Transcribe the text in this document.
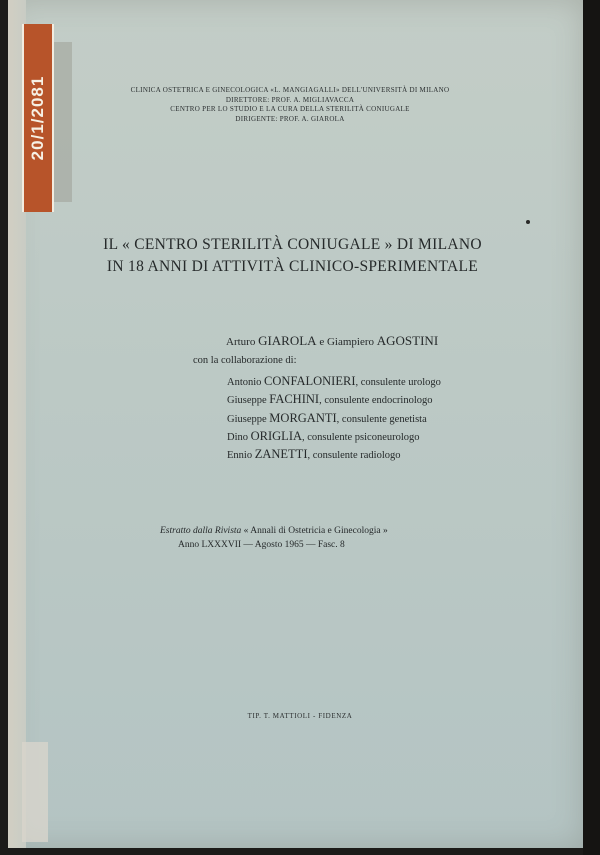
20/1/2081	CLINICA OSTETRICA E GINECOLOGICA «L. MANGIAGALLI» DELL'UNIVERSITÀ DI MILANO
DIRETTORE: PROF. A. MIGLIAVACCA
CENTRO PER LO STUDIO E LA CURA DELLA STERILITÀ CONIUGALE
DIRIGENTE: PROF. A. GIAROLA
IL « CENTRO STERILITÀ CONIUGALE » DI MILANO
IN 18 ANNI DI ATTIVITÀ CLINICO-SPERIMENTALE
Arturo GIAROLA e Giampiero AGOSTINI
con la collaborazione di:
Antonio CONFALONIERI, consulente urologo
Giuseppe FACHINI, consulente endocrinologo
Giuseppe MORGANTI, consulente genetista
Dino ORIGLIA, consulente psiconeurologo
Ennio ZANETTI, consulente radiologo
Estratto dalla Rivista « Annali di Ostetricia e Ginecologia »
Anno LXXXVII — Agosto 1965 — Fasc. 8
TIP. T. MATTIOLI - FIDENZA
